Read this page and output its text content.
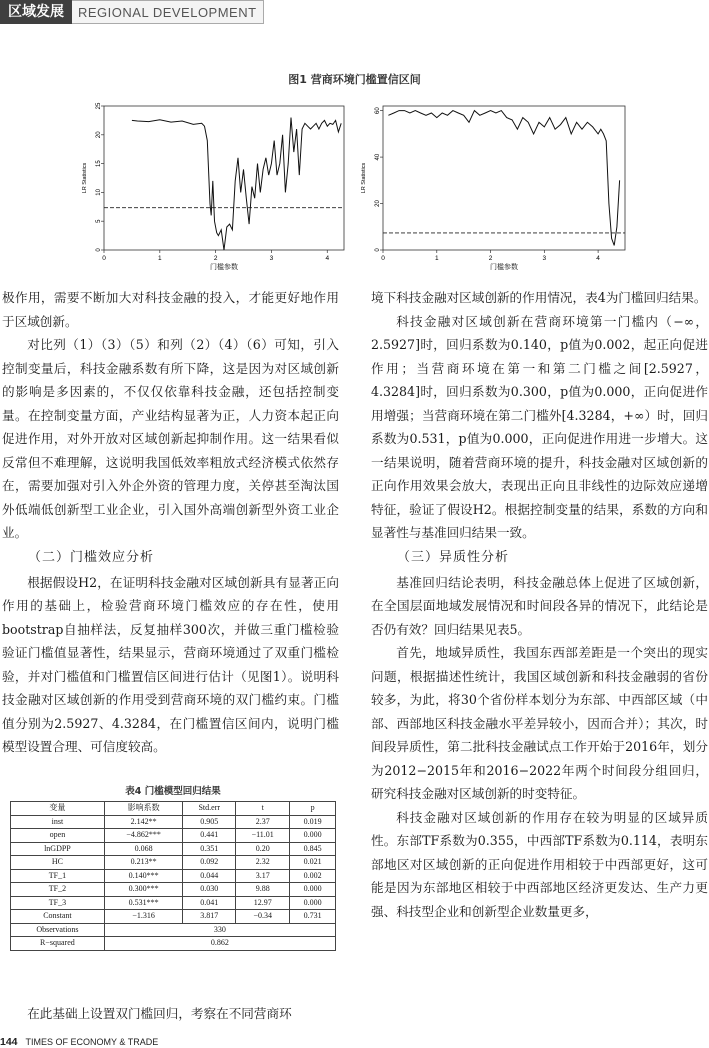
区域发展	REGIONAL DEVELOPMENT
图1 营商环境门槛置信区间
0
5
10
15
20
25
0	1	2	3	4
门槛参数
LR Statistics
0
20
40
60
0	1	2	3	4
门槛参数
LR Statistics

极作用，需要不断加大对科技金融的投入，才能更好地作用于区域创新。

对比列（1）（3）（5）和列（2）（4）（6）可知，引入控制变量后，科技金融系数有所下降，这是因为对区域创新的影响是多因素的，不仅仅依靠科技金融，还包括控制变量。在控制变量方面，产业结构显著为正，人力资本起正向促进作用，对外开放对区域创新起抑制作用。这一结果看似反常但不难理解，这说明我国低效率粗放式经济模式依然存在，需要加强对引入外企外资的管理力度，关停甚至淘汰国外低端低创新型工业企业，引入国外高端创新型外资工业企业。

（二）门槛效应分析

根据假设H2，在证明科技金融对区域创新具有显著正向作用的基础上，检验营商环境门槛效应的存在性，使用bootstrap自抽样法，反复抽样300次，并做三重门槛检验验证门槛值显著性，结果显示，营商环境通过了双重门槛检验，并对门槛值和门槛置信区间进行估计（见图1）。说明科技金融对区域创新的作用受到营商环境的双门槛约束。门槛值分别为2.5927、4.3284，在门槛置信区间内，说明门槛模型设置合理、可信度较高。

表4 门槛模型回归结果
变量	影响系数	Std.err	t	p
inst	2.142**	0.905	2.37	0.019
open	−4.862***	0.441	−11.01	0.000
lnGDPP	0.068	0.351	0.20	0.845
HC	0.213**	0.092	2.32	0.021
TF_1	0.140***	0.044	3.17	0.002
TF_2	0.300***	0.030	9.88	0.000
TF_3	0.531***	0.041	12.97	0.000
Constant	−1.316	3.817	−0.34	0.731
Observations	330			
R−squared	0.862			

在此基础上设置双门槛回归，考察在不同营商环

境下科技金融对区域创新的作用情况，表4为门槛回归结果。

科技金融对区域创新在营商环境第一门槛内（−∞，2.5927]时，回归系数为0.140，p值为0.002，起正向促进作用；当营商环境在第一和第二门槛之间[2.5927，4.3284]时，回归系数为0.300，p值为0.000，正向促进作用增强；当营商环境在第二门槛外[4.3284，+∞）时，回归系数为0.531，p值为0.000，正向促进作用进一步增大。这一结果说明，随着营商环境的提升，科技金融对区域创新的正向作用效果会放大，表现出正向且非线性的边际效应递增特征，验证了假设H2。根据控制变量的结果，系数的方向和显著性与基准回归结果一致。

（三）异质性分析

基准回归结论表明，科技金融总体上促进了区域创新，在全国层面地域发展情况和时间段各异的情况下，此结论是否仍有效？回归结果见表5。

首先，地域异质性，我国东西部差距是一个突出的现实问题，根据描述性统计，我国区域创新和科技金融弱的省份较多，为此，将30个省份样本划分为东部、中西部区域（中部、西部地区科技金融水平差异较小，因而合并）；其次，时间段异质性，第二批科技金融试点工作开始于2016年，划分为2012−2015年和2016−2022年两个时间段分组回归，研究科技金融对区域创新的时变特征。

科技金融对区域创新的作用存在较为明显的区域异质性。东部TF系数为0.355，中西部TF系数为0.114，表明东部地区对区域创新的正向促进作用相较于中西部更好，这可能是因为东部地区相较于中西部地区经济更发达、生产力更强、科技型企业和创新型企业数量更多，

144 TIMES OF ECONOMY & TRADE
